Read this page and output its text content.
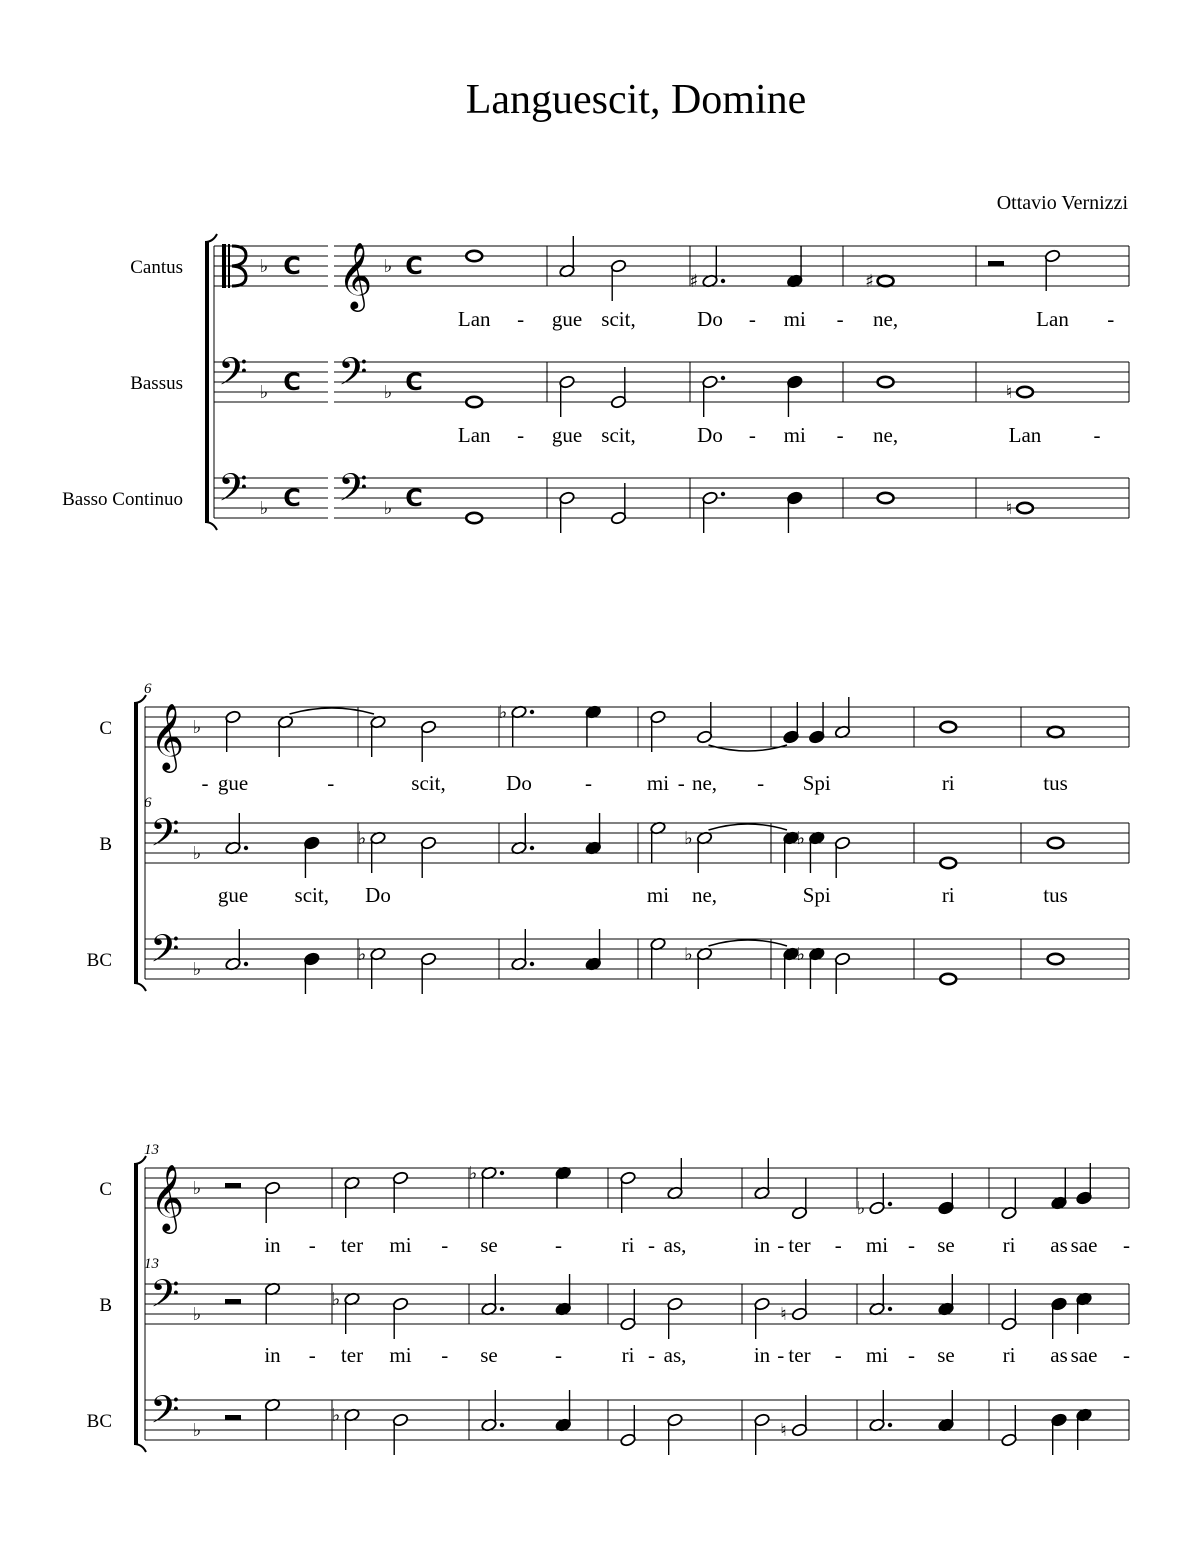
Languescit, Domine
Ottavio Vernizzi
Cantus	♭ C 𝄞 ♭ C
♯	♯
Lan	gue scit,	Do	mi	ne,	Lan
-	-	-	-
Bassus 𝄢 ♭ C 𝄢 ♭ C	♮
Lan	gue scit,	Do	mi	ne,	Lan
-	-	-	-
Basso Continuo 𝄢 ♭ C 𝄢 ♭ C	♮
C 𝄞 ♭
♭
gue	scit,	Do	mi ne,	Spi	ri	tus
-	-	-	-
-
B 𝄢 ♭
♭	♭	♭
gue scit, Do	mi ne,	Spi	ri	tus
BC 𝄢 ♭
♭	♭	♭
6
6
C 𝄞 ♭
♭
♭
in	ter mi	se	ri as,	in ter	mi se ri as sae
-	-	-	-	- -	-	-
B 𝄢 ♭
♭
♮
in	ter mi	se	ri as,	in ter	mi se ri as sae
-	-	-	-	- -	-	-
BC 𝄢 ♭
♭
♮
13
13
